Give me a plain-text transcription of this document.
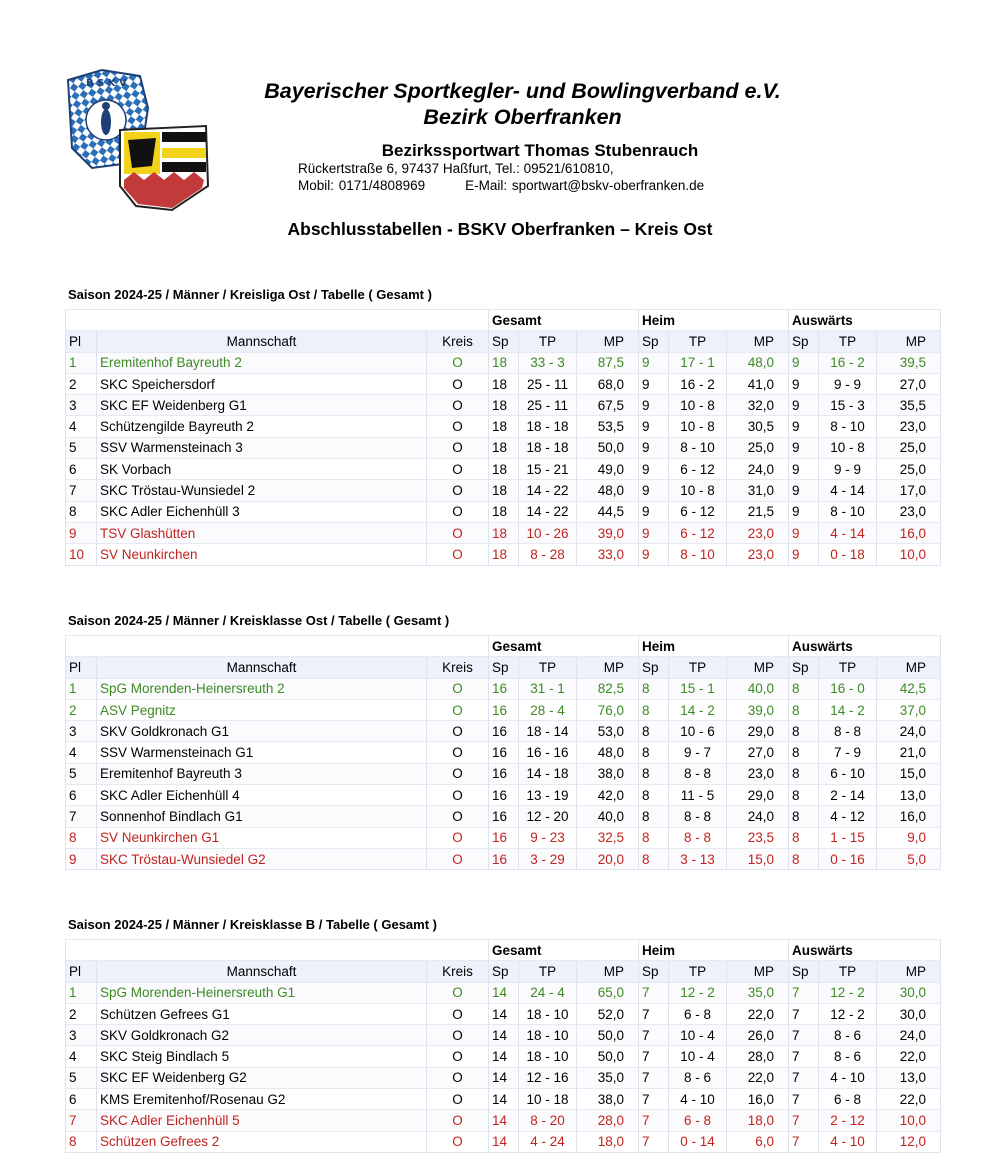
B S K V	Bayerischer Sportkegler- und Bowlingverband e.V.
Bezirk Oberfranken
Bezirkssportwart Thomas Stubenrauch
Rückertstraße 6, 97437 Haßfurt, Tel.: 09521/610810,
Mobil: 0171/4808969	E-Mail: sportwart@bskv-oberfranken.de
Abschlusstabellen - BSKV Oberfranken – Kreis Ost
Saison 2024-25 / Männer / Kreisliga Ost / Tabelle ( Gesamt )
			Gesamt			Heim			Auswärts		
Pl	Mannschaft	Kreis	Sp	TP	MP	Sp	TP	MP	Sp	TP	MP
1	Eremitenhof Bayreuth 2	O	18	33 - 3	87,5	9	17 - 1	48,0	9	16 - 2	39,5
2	SKC Speichersdorf	O	18	25 - 11	68,0	9	16 - 2	41,0	9	9 - 9	27,0
3	SKC EF Weidenberg G1	O	18	25 - 11	67,5	9	10 - 8	32,0	9	15 - 3	35,5
4	Schützengilde Bayreuth 2	O	18	18 - 18	53,5	9	10 - 8	30,5	9	8 - 10	23,0
5	SSV Warmensteinach 3	O	18	18 - 18	50,0	9	8 - 10	25,0	9	10 - 8	25,0
6	SK Vorbach	O	18	15 - 21	49,0	9	6 - 12	24,0	9	9 - 9	25,0
7	SKC Tröstau-Wunsiedel 2	O	18	14 - 22	48,0	9	10 - 8	31,0	9	4 - 14	17,0
8	SKC Adler Eichenhüll 3	O	18	14 - 22	44,5	9	6 - 12	21,5	9	8 - 10	23,0
9	TSV Glashütten	O	18	10 - 26	39,0	9	6 - 12	23,0	9	4 - 14	16,0
10	SV Neunkirchen	O	18	8 - 28	33,0	9	8 - 10	23,0	9	0 - 18	10,0
Saison 2024-25 / Männer / Kreisklasse Ost / Tabelle ( Gesamt )
			Gesamt			Heim			Auswärts		
Pl	Mannschaft	Kreis	Sp	TP	MP	Sp	TP	MP	Sp	TP	MP
1	SpG Morenden-Heinersreuth 2	O	16	31 - 1	82,5	8	15 - 1	40,0	8	16 - 0	42,5
2	ASV Pegnitz	O	16	28 - 4	76,0	8	14 - 2	39,0	8	14 - 2	37,0
3	SKV Goldkronach G1	O	16	18 - 14	53,0	8	10 - 6	29,0	8	8 - 8	24,0
4	SSV Warmensteinach G1	O	16	16 - 16	48,0	8	9 - 7	27,0	8	7 - 9	21,0
5	Eremitenhof Bayreuth 3	O	16	14 - 18	38,0	8	8 - 8	23,0	8	6 - 10	15,0
6	SKC Adler Eichenhüll 4	O	16	13 - 19	42,0	8	11 - 5	29,0	8	2 - 14	13,0
7	Sonnenhof Bindlach G1	O	16	12 - 20	40,0	8	8 - 8	24,0	8	4 - 12	16,0
8	SV Neunkirchen G1	O	16	9 - 23	32,5	8	8 - 8	23,5	8	1 - 15	9,0
9	SKC Tröstau-Wunsiedel G2	O	16	3 - 29	20,0	8	3 - 13	15,0	8	0 - 16	5,0
Saison 2024-25 / Männer / Kreisklasse B / Tabelle ( Gesamt )
			Gesamt			Heim			Auswärts		
Pl	Mannschaft	Kreis	Sp	TP	MP	Sp	TP	MP	Sp	TP	MP
1	SpG Morenden-Heinersreuth G1	O	14	24 - 4	65,0	7	12 - 2	35,0	7	12 - 2	30,0
2	Schützen Gefrees G1	O	14	18 - 10	52,0	7	6 - 8	22,0	7	12 - 2	30,0
3	SKV Goldkronach G2	O	14	18 - 10	50,0	7	10 - 4	26,0	7	8 - 6	24,0
4	SKC Steig Bindlach 5	O	14	18 - 10	50,0	7	10 - 4	28,0	7	8 - 6	22,0
5	SKC EF Weidenberg G2	O	14	12 - 16	35,0	7	8 - 6	22,0	7	4 - 10	13,0
6	KMS Eremitenhof/Rosenau G2	O	14	10 - 18	38,0	7	4 - 10	16,0	7	6 - 8	22,0
7	SKC Adler Eichenhüll 5	O	14	8 - 20	28,0	7	6 - 8	18,0	7	2 - 12	10,0
8	Schützen Gefrees 2	O	14	4 - 24	18,0	7	0 - 14	6,0	7	4 - 10	12,0
